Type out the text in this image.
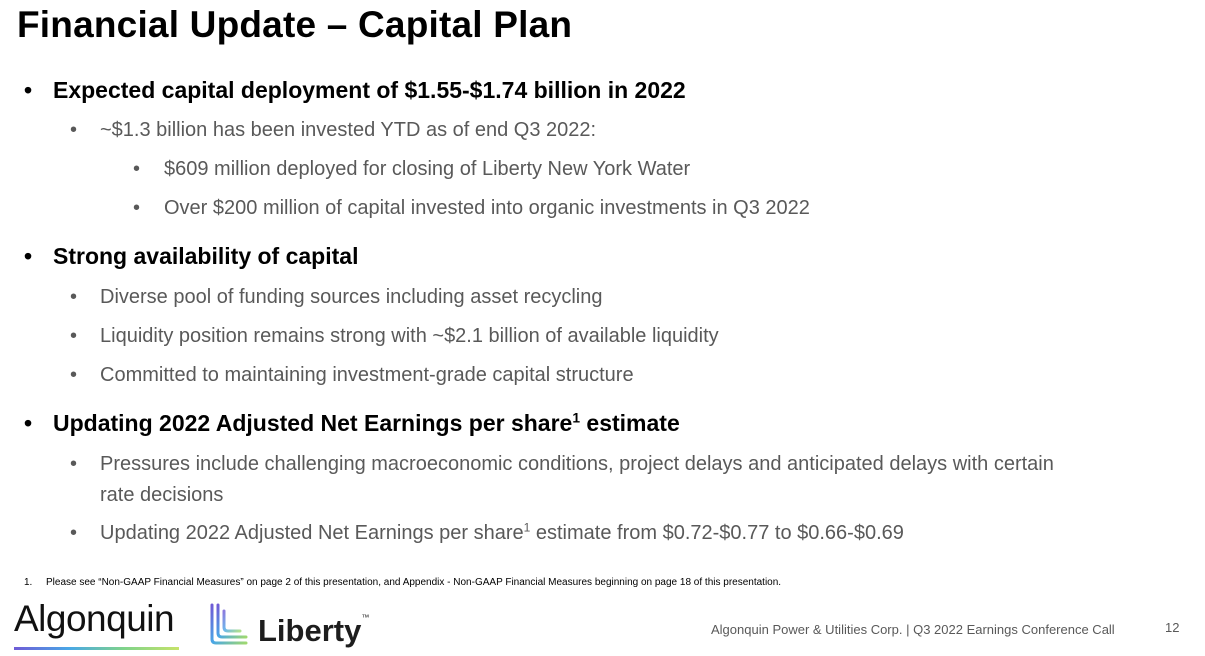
Financial Update – Capital Plan
• Expected capital deployment of $1.55-$1.74 billion in 2022
• ~$1.3 billion has been invested YTD as of end Q3 2022:
• $609 million deployed for closing of Liberty New York Water
• Over $200 million of capital invested into organic investments in Q3 2022
• Strong availability of capital
• Diverse pool of funding sources including asset recycling
• Liquidity position remains strong with ~$2.1 billion of available liquidity
• Committed to maintaining investment-grade capital structure
• Updating 2022 Adjusted Net Earnings per share$^1$ estimate
• Pressures include challenging macroeconomic conditions, project delays and anticipated delays with certain
rate decisions
• Updating 2022 Adjusted Net Earnings per share$^1$ estimate from $0.72-$0.77 to $0.66-$0.69
1. Please see “Non-GAAP Financial Measures” on page 2 of this presentation, and Appendix - Non-GAAP Financial Measures beginning on page 18 of this presentation.
Algonquin	Liberty™
Algonquin Power & Utilities Corp. | Q3 2022 Earnings Conference Call	12
